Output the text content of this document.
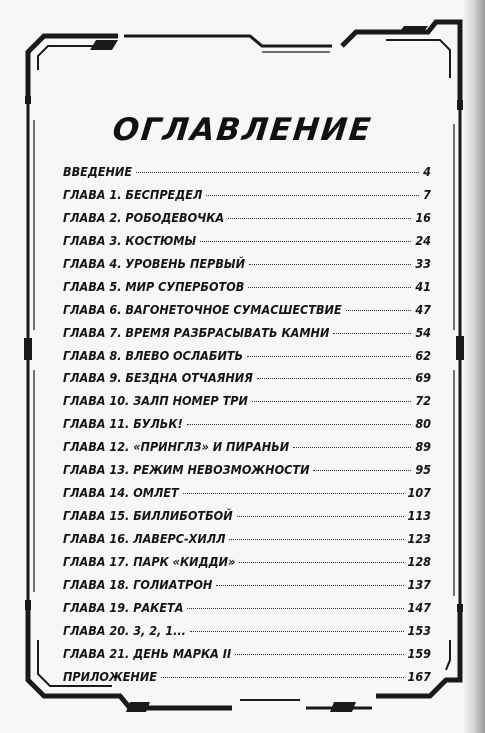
ОГЛАВЛЕНИЕ
ВВЕДЕНИЕ	4
ГЛАВА 1. БЕСПРЕДЕЛ	7
ГЛАВА 2. РОБОДЕВОЧКА	16
ГЛАВА 3. КОСТЮМЫ	24
ГЛАВА 4. УРОВЕНЬ ПЕРВЫЙ	33
ГЛАВА 5. МИР СУПЕРБОТОВ	41
ГЛАВА 6. ВАГОНЕТОЧНОЕ СУМАСШЕСТВИЕ	47
ГЛАВА 7. ВРЕМЯ РАЗБРАСЫВАТЬ КАМНИ	54
ГЛАВА 8. ВЛЕВО ОСЛАБИТЬ	62
ГЛАВА 9. БЕЗДНА ОТЧАЯНИЯ	69
ГЛАВА 10. ЗАЛП НОМЕР ТРИ	72
ГЛАВА 11. БУЛЬК!	80
ГЛАВА 12. «ПРИНГЛЗ» И ПИРАНЬИ	89
ГЛАВА 13. РЕЖИМ НЕВОЗМОЖНОСТИ	95
ГЛАВА 14. ОМЛЕТ	107
ГЛАВА 15. БИЛЛИБОТБОЙ	113
ГЛАВА 16. ЛАВЕРС-ХИЛЛ	123
ГЛАВА 17. ПАРК «КИДДИ»	128
ГЛАВА 18. ГОЛИАТРОН	137
ГЛАВА 19. РАКЕТА	147
ГЛАВА 20. 3, 2, 1...	153
ГЛАВА 21. ДЕНЬ МАРКА II	159
ПРИЛОЖЕНИЕ	167
